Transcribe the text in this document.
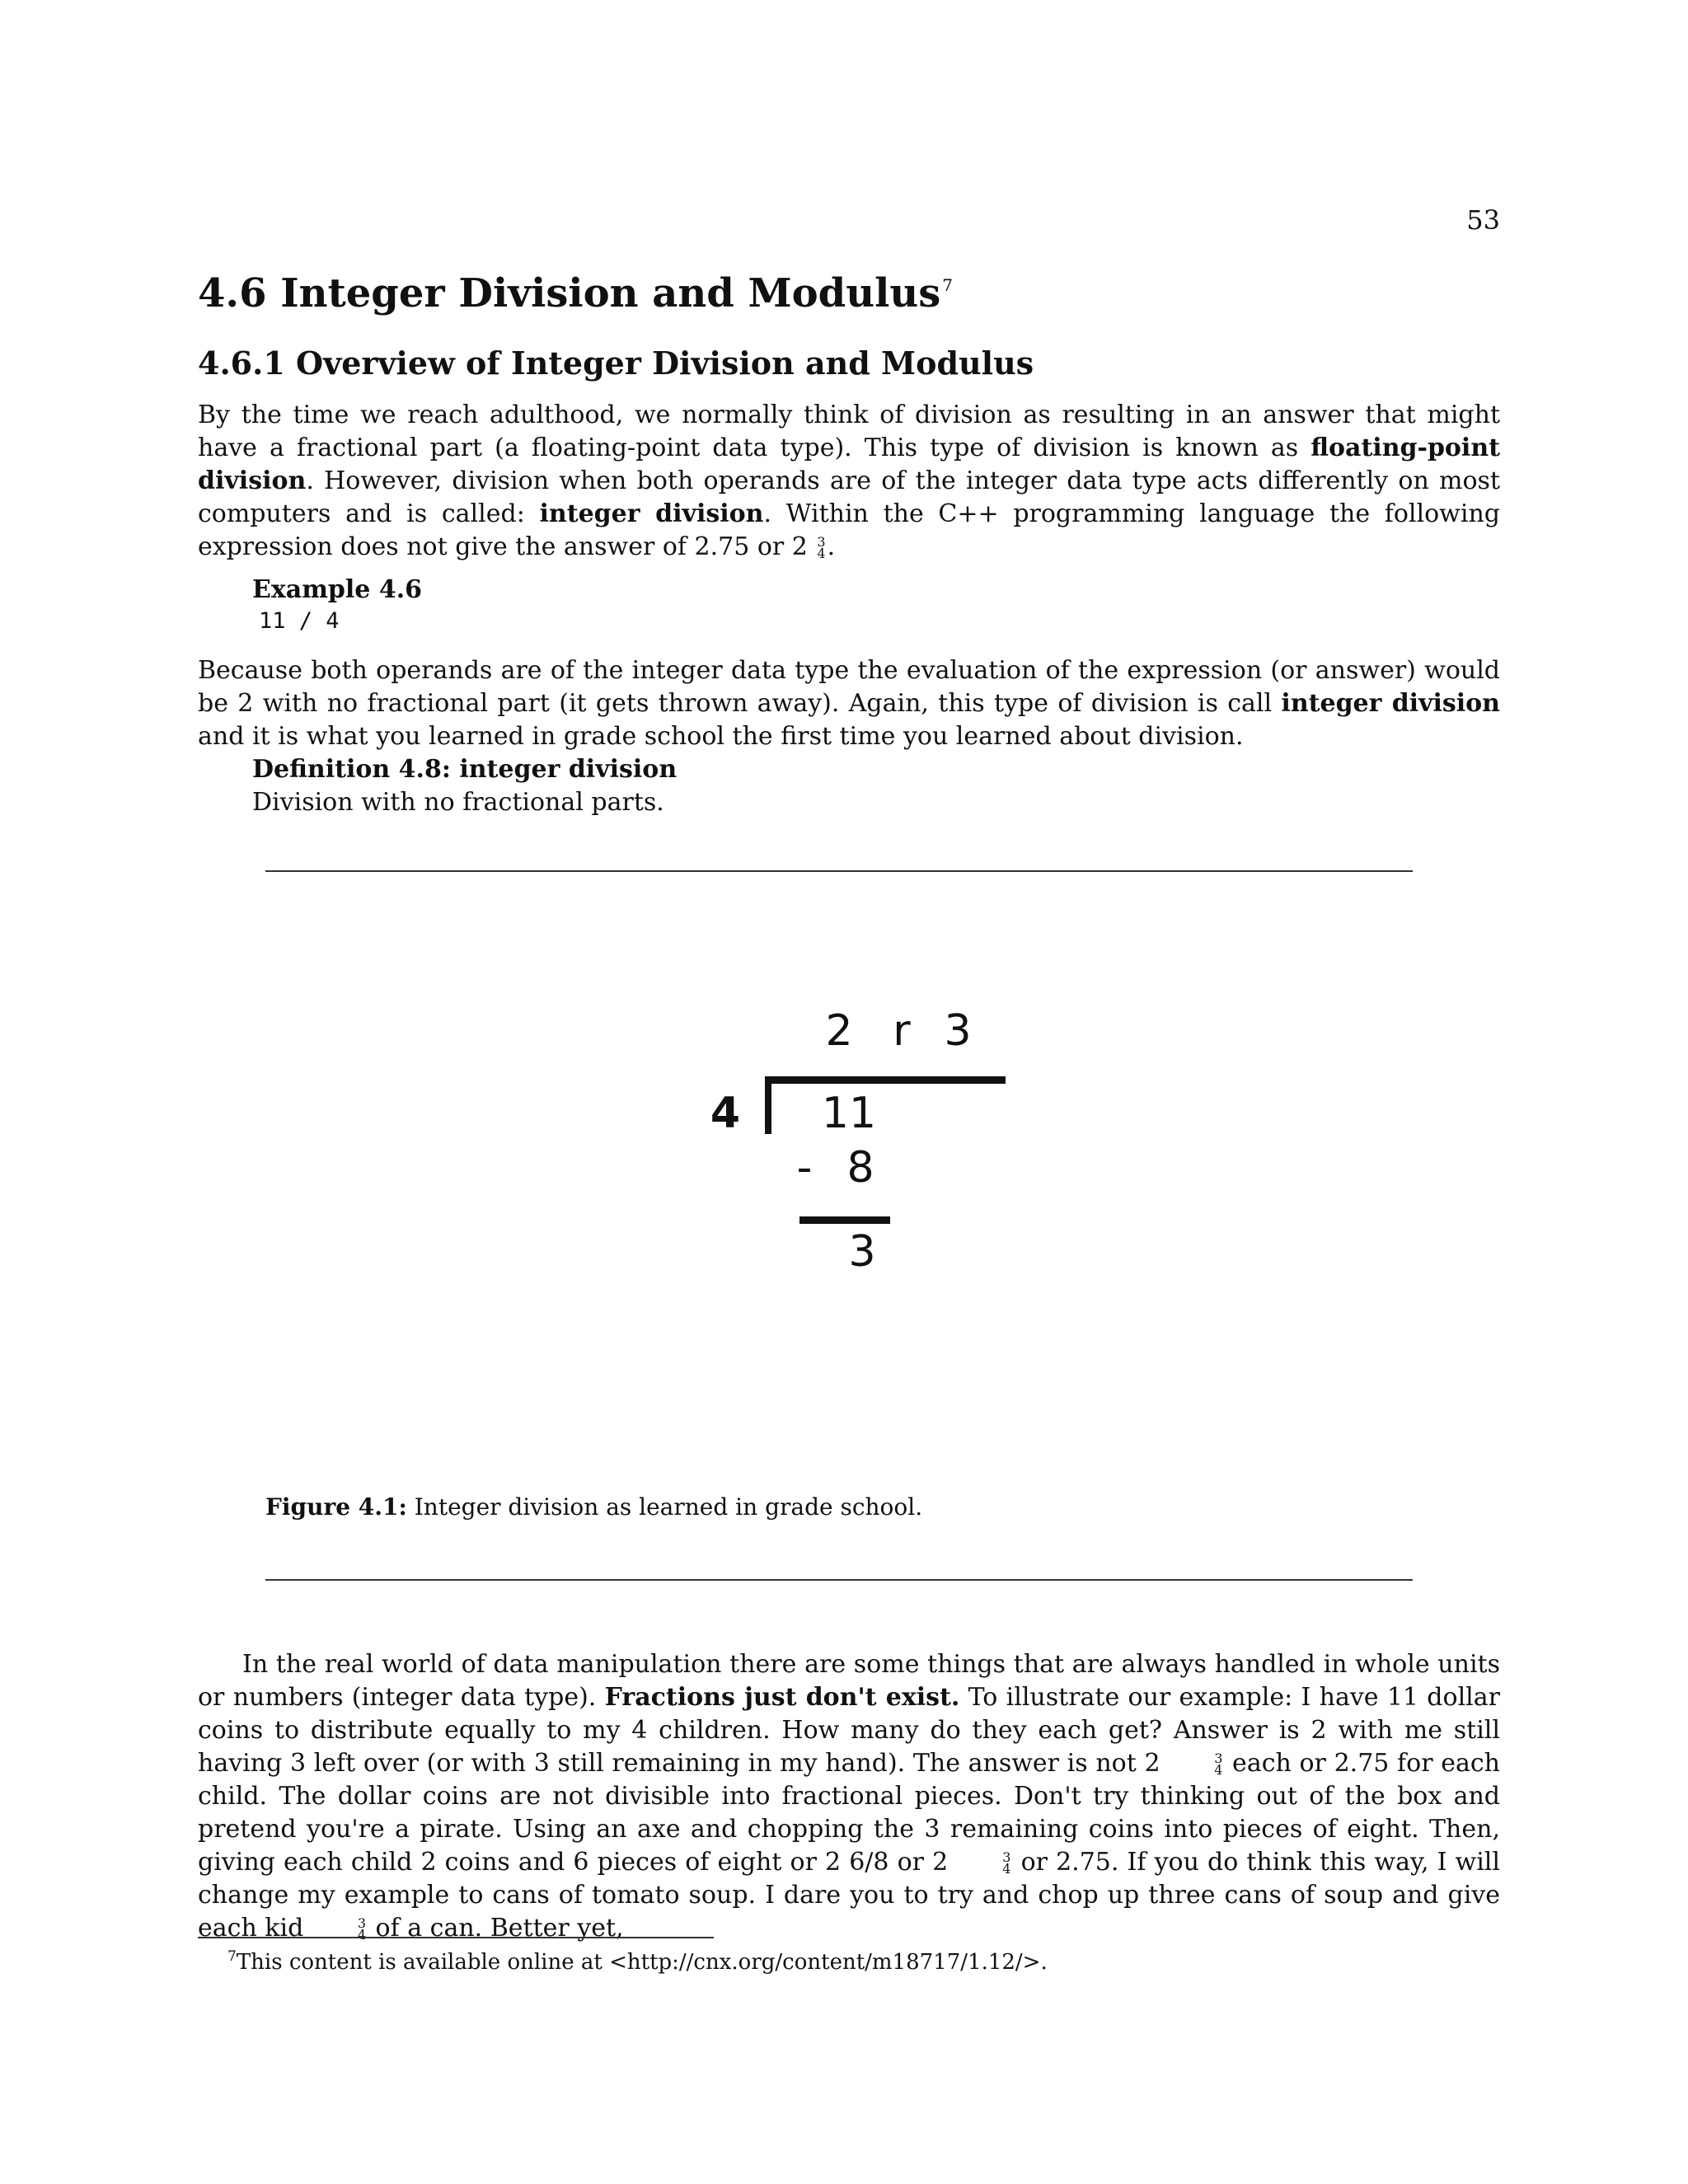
53
4.6 Integer Division and Modulus $^7$
4.6.1 Overview of Integer Division and Modulus

By the time we reach adulthood, we normally think of division as resulting in an answer that might have a fractional part (a floating-point data type). This type of division is known as floating-point division. However, division when both operands are of the integer data type acts differently on most computers and is called: integer division. Within the C++ programming language the following expression does not give the answer of 2.75 or 2 3
4 .

Example 4.6
11 / 4

Because both operands are of the integer data type the evaluation of the expression (or answer) would be 2 with no fractional part (it gets thrown away). Again, this type of division is call integer division and it is what you learned in grade school the first time you learned about division.

Definition 4.8: integer division
Division with no fractional parts.
2 r 3
4 11
- 8
3
Figure 4.1: Integer division as learned in grade school.

In the real world of data manipulation there are some things that are always handled in whole units or numbers (integer data type). Fractions just don't exist. To illustrate our example: I have 11 dollar coins to distribute equally to my 4 children. How many do they each get? Answer is 2 with me still having 3 left over (or with 3 still remaining in my hand). The answer is not 2	3
4 each or 2.75 for each child. The dollar coins are not divisible into fractional pieces. Don't try thinking out of the box and pretend you're a pirate. Using an axe and chopping the 3 remaining coins into pieces of eight. Then, giving each child 2 coins and 6 pieces of eight or 2 6/8 or 2	3
4 or 2.75. If you do think this way, I will change my example to cans of tomato soup. I dare you to try and chop up three cans of soup and give each kid	3
4 of a can. Better yet,

$^7$This content is available online at <http://cnx.org/content/m18717/1.12/>.
